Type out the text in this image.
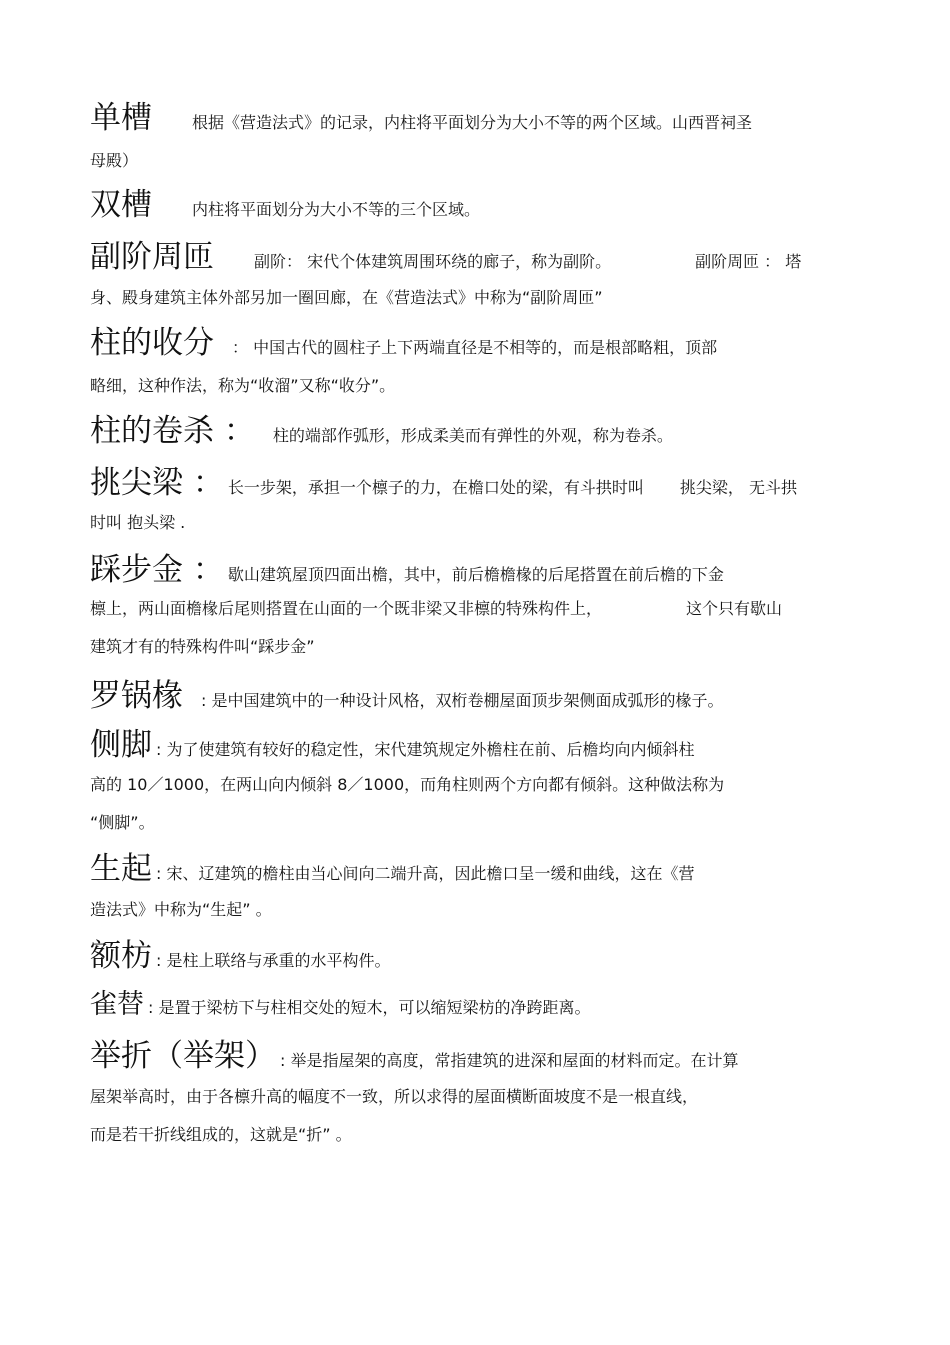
单槽	根据《营造法式》的记录，内柱将平面划分为大小不等的两个区域。山西晋祠圣
母殿）
双槽	内柱将平面划分为大小不等的三个区域。
副阶周匝	副阶： 宋代个体建筑周围环绕的廊子，称为副阶。	副阶周匝 ： 塔
身、殿身建筑主体外部另加一圈回廊，在《营造法式》中称为“副阶周匝”
柱的收分 ： 中国古代的圆柱子上下两端直径是不相等的，而是根部略粗，顶部
略细，这种作法，称为“收溜”又称“收分”。
柱的卷杀 ： 柱的端部作弧形，形成柔美而有弹性的外观，称为卷杀。
挑尖梁 ： 长一步架，承担一个檩子的力，在檐口处的梁，有斗拱时叫 挑尖梁， 无斗拱
时叫 抱头梁 .
踩步金 ： 歇山建筑屋顶四面出檐，其中，前后檐檐椽的后尾搭置在前后檐的下金
檩上，两山面檐椽后尾则搭置在山面的一个既非梁又非檩的特殊构件上，	这个只有歇山
建筑才有的特殊构件叫“踩步金”
罗锅椽 : 是中国建筑中的一种设计风格，双桁卷棚屋面顶步架侧面成弧形的椽子。
侧脚 : 为了使建筑有较好的稳定性，宋代建筑规定外檐柱在前、后檐均向内倾斜柱
高的 10／1000，在两山向内倾斜 8／1000，而角柱则两个方向都有倾斜。这种做法称为
“侧脚”。
生起 : 宋、辽建筑的檐柱由当心间向二端升高，因此檐口呈一缓和曲线，这在《营
造法式》中称为“生起” 。
额枋 : 是柱上联络与承重的水平构件。
雀替 : 是置于梁枋下与柱相交处的短木，可以缩短梁枋的净跨距离。
举折（举架） : 举是指屋架的高度，常指建筑的进深和屋面的材料而定。在计算
屋架举高时，由于各檩升高的幅度不一致，所以求得的屋面横断面坡度不是一根直线，
而是若干折线组成的，这就是“折” 。
